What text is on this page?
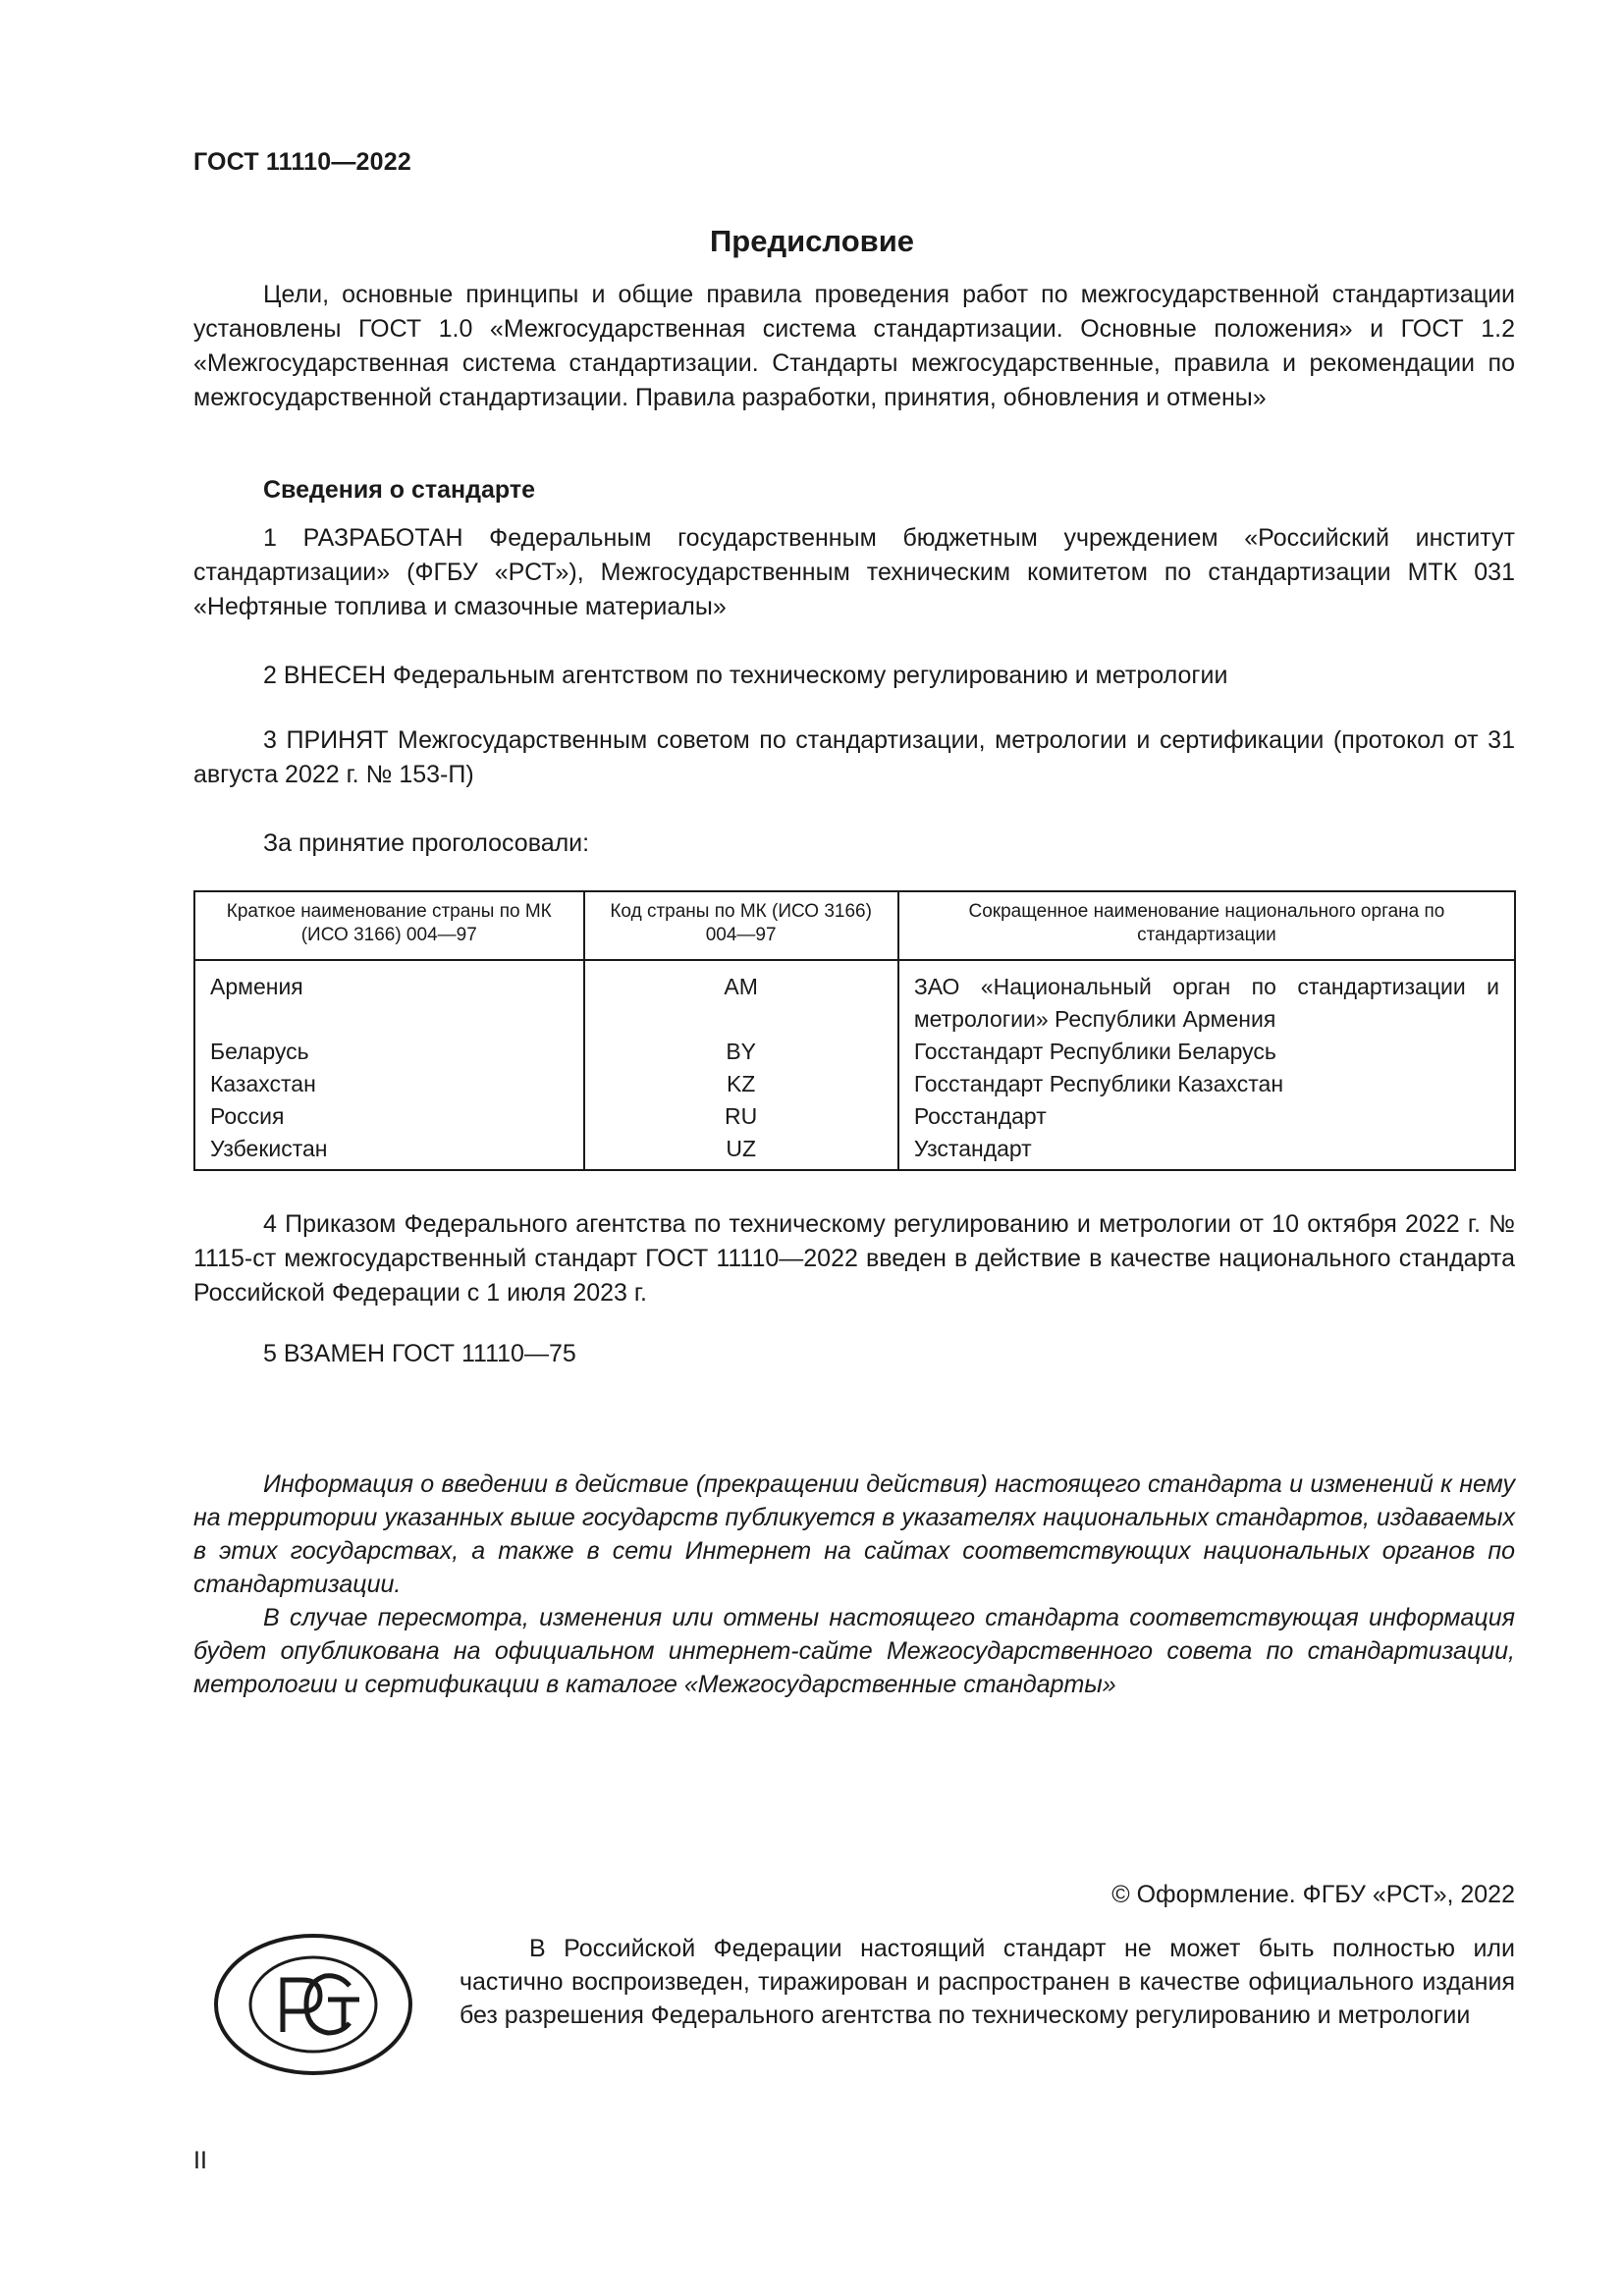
ГОСТ 11110—2022
Предисловие

Цели, основные принципы и общие правила проведения работ по межгосударственной стандартизации установлены ГОСТ 1.0 «Межгосударственная система стандартизации. Основные положения» и ГОСТ 1.2 «Межгосударственная система стандартизации. Стандарты межгосударственные, правила и рекомендации по межгосударственной стандартизации. Правила разработки, принятия, обновления и отмены»

Сведения о стандарте

1 РАЗРАБОТАН Федеральным государственным бюджетным учреждением «Российский институт стандартизации» (ФГБУ «РСТ»), Межгосударственным техническим комитетом по стандартизации МТК 031 «Нефтяные топлива и смазочные материалы»

2 ВНЕСЕН Федеральным агентством по техническому регулированию и метрологии

3 ПРИНЯТ Межгосударственным советом по стандартизации, метрологии и сертификации (протокол от 31 августа 2022 г. № 153-П)

За принятие проголосовали:
Краткое наименование страны по МК (ИСО 3166) 004—97	Код страны по МК (ИСО 3166) 004—97	Сокращенное наименование национального органа по стандартизации
Армения	AM	ЗАО «Национальный орган по стандартизации и метрологии» Республики Армения
Беларусь	BY	Госстандарт Республики Беларусь
Казахстан	KZ	Госстандарт Республики Казахстан
Россия	RU	Росстандарт
Узбекистан	UZ	Узстандарт

4 Приказом Федерального агентства по техническому регулированию и метрологии от 10 октября 2022 г. № 1115-ст межгосударственный стандарт ГОСТ 11110—2022 введен в действие в качестве национального стандарта Российской Федерации с 1 июля 2023 г.

5 ВЗАМЕН ГОСТ 11110—75

Информация о введении в действие (прекращении действия) настоящего стандарта и изменений к нему на территории указанных выше государств публикуется в указателях национальных стандартов, издаваемых в этих государствах, а также в сети Интернет на сайтах соответствующих национальных органов по стандартизации.

В случае пересмотра, изменения или отмены настоящего стандарта соответствующая информация будет опубликована на официальном интернет-сайте Межгосударственного совета по стандартизации, метрологии и сертификации в каталоге «Межгосударственные стандарты»

© Оформление. ФГБУ «РСТ», 2022

В Российской Федерации настоящий стандарт не может быть полностью или частично воспроизведен, тиражирован и распространен в качестве официального издания без разрешения Федерального агентства по техническому регулированию и метрологии

II
